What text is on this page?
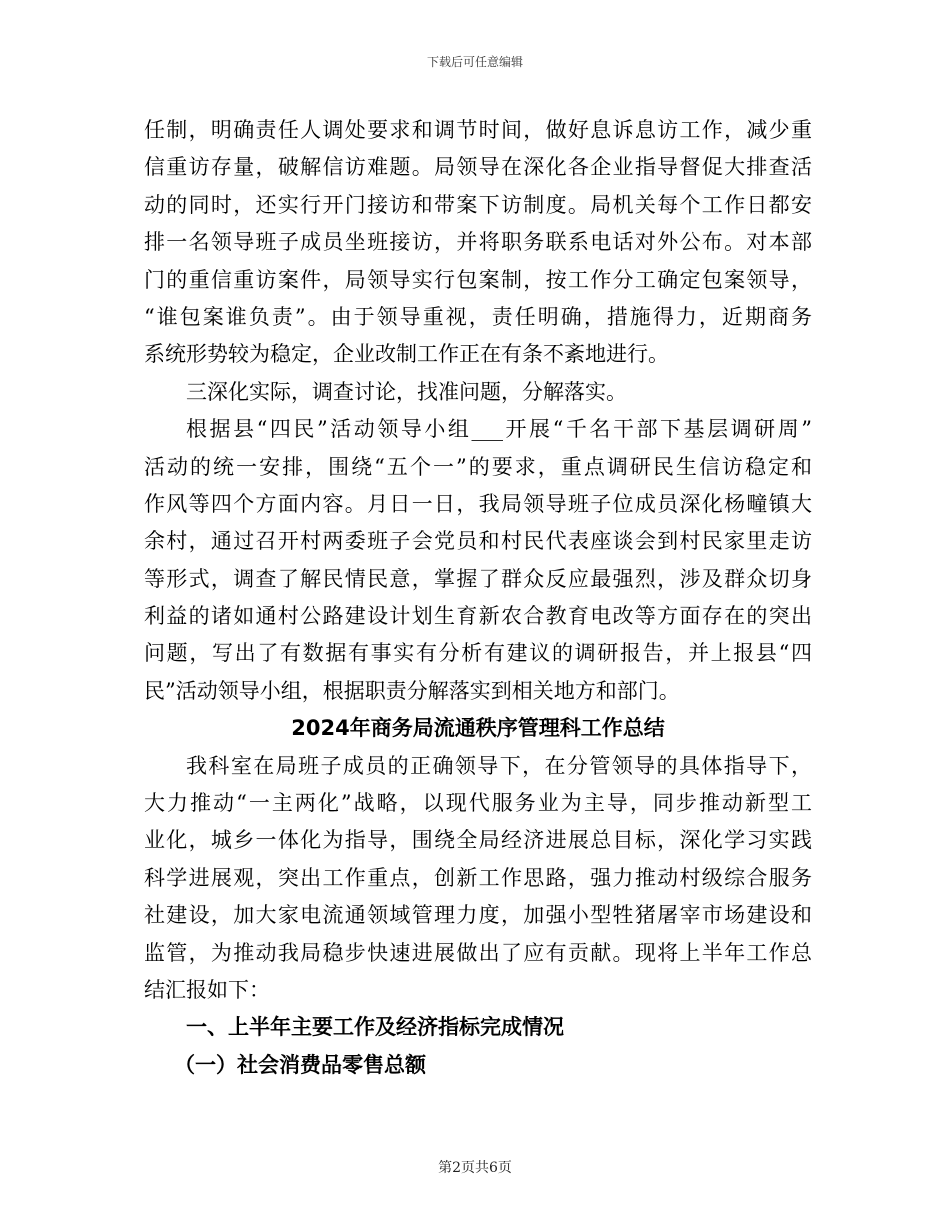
下载后可任意编辑
任制，明确责任人调处要求和调节时间，做好息诉息访工作，减少重
信重访存量，破解信访难题。局领导在深化各企业指导督促大排查活
动的同时，还实行开门接访和带案下访制度。局机关每个工作日都安
排一名领导班子成员坐班接访，并将职务联系电话对外公布。对本部
门的重信重访案件，局领导实行包案制，按工作分工确定包案领导，
“谁包案谁负责”。由于领导重视，责任明确，措施得力，近期商务
系统形势较为稳定，企业改制工作正在有条不紊地进行。
三深化实际，调查讨论，找准问题，分解落实。
根据县“四民”活动领导小组___开展“千名干部下基层调研周”
活动的统一安排，围绕“五个一”的要求，重点调研民生信访稳定和
作风等四个方面内容。月日一日，我局领导班子位成员深化杨疃镇大
余村，通过召开村两委班子会党员和村民代表座谈会到村民家里走访
等形式，调查了解民情民意，掌握了群众反应最强烈，涉及群众切身
利益的诸如通村公路建设计划生育新农合教育电改等方面存在的突出
问题，写出了有数据有事实有分析有建议的调研报告，并上报县“四
民”活动领导小组，根据职责分解落实到相关地方和部门。
2024年商务局流通秩序管理科工作总结
我科室在局班子成员的正确领导下，在分管领导的具体指导下，
大力推动“一主两化”战略，以现代服务业为主导，同步推动新型工
业化，城乡一体化为指导，围绕全局经济进展总目标，深化学习实践
科学进展观，突出工作重点，创新工作思路，强力推动村级综合服务
社建设，加大家电流通领域管理力度，加强小型牲猪屠宰市场建设和
监管，为推动我局稳步快速进展做出了应有贡献。现将上半年工作总
结汇报如下：
一、上半年主要工作及经济指标完成情况
（一）社会消费品零售总额
第2页共6页
